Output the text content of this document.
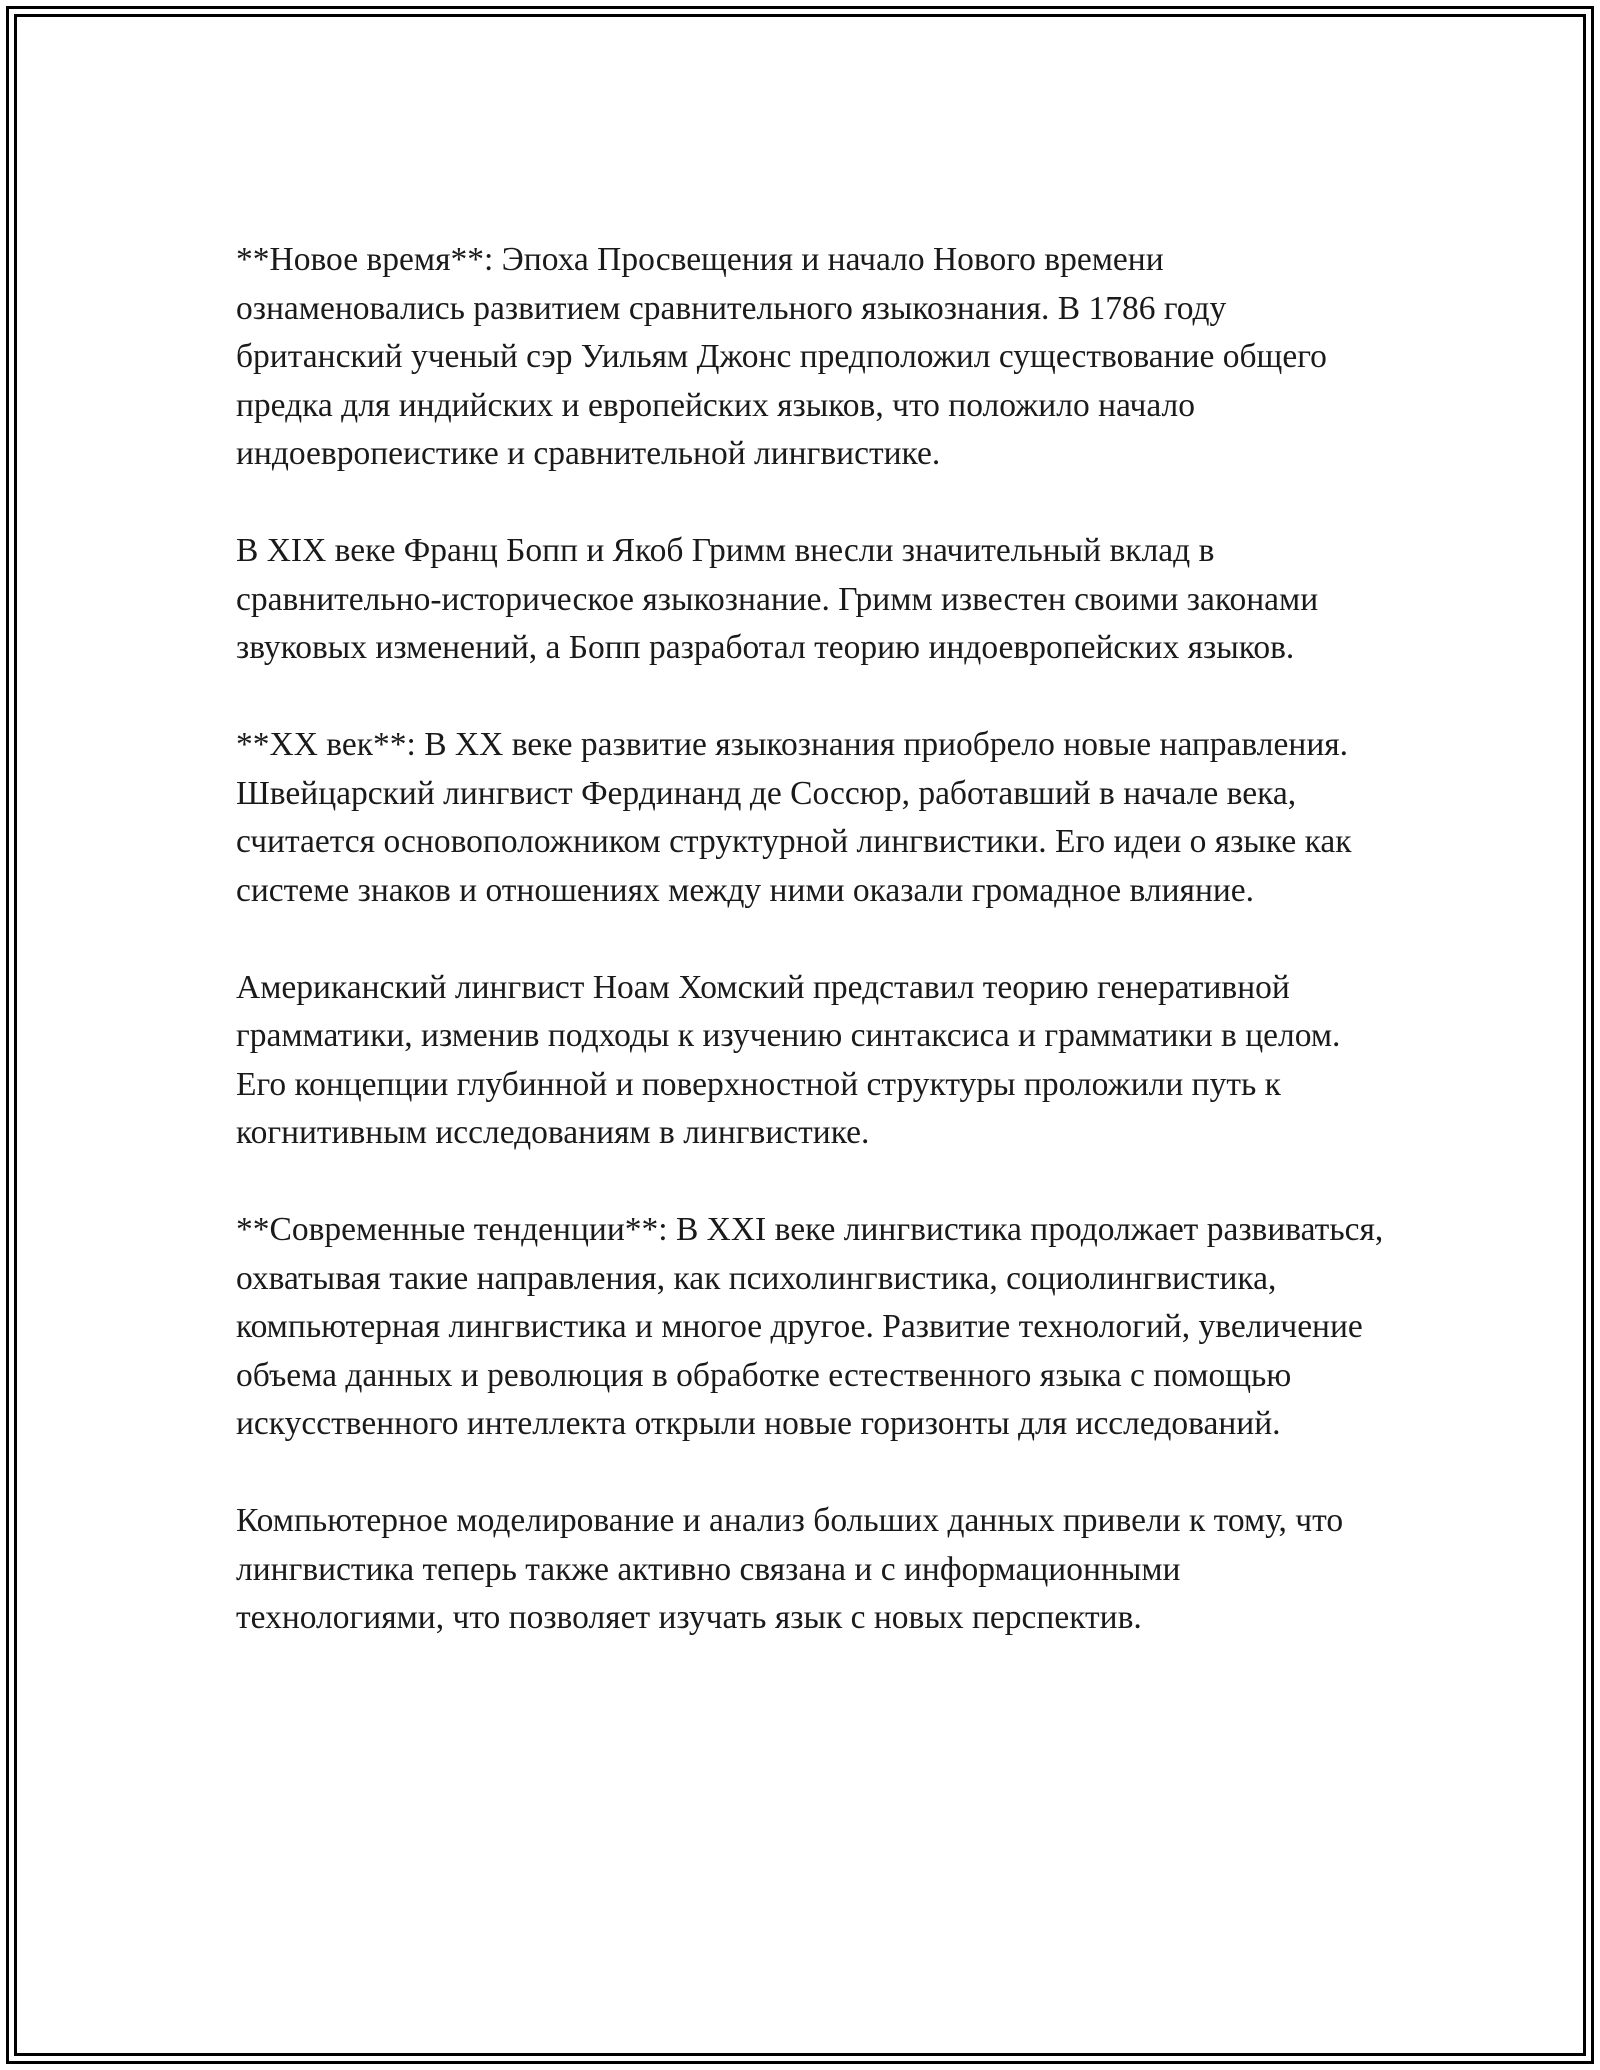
**Новое время**: Эпоха Просвещения и начало Нового времени ознаменовались развитием сравнительного языкознания. В 1786 году британский ученый сэр Уильям Джонс предположил существование общего предка для индийских и европейских языков, что положило начало индоевропеистике и сравнительной лингвистике.

В XIX веке Франц Бопп и Якоб Гримм внесли значительный вклад в сравнительно-историческое языкознание. Гримм известен своими законами звуковых изменений, а Бопп разработал теорию индоевропейских языков.

**XX век**: В XX веке развитие языкознания приобрело новые направления. Швейцарский лингвист Фердинанд де Соссюр, работавший в начале века, считается основоположником структурной лингвистики. Его идеи о языке как системе знаков и отношениях между ними оказали громадное влияние.

Американский лингвист Ноам Хомский представил теорию генеративной грамматики, изменив подходы к изучению синтаксиса и грамматики в целом. Его концепции глубинной и поверхностной структуры проложили путь к когнитивным исследованиям в лингвистике.

**Современные тенденции**: В XXI веке лингвистика продолжает развиваться, охватывая такие направления, как психолингвистика, социолингвистика, компьютерная лингвистика и многое другое. Развитие технологий, увеличение объема данных и революция в обработке естественного языка с помощью искусственного интеллекта открыли новые горизонты для исследований.

Компьютерное моделирование и анализ больших данных привели к тому, что лингвистика теперь также активно связана и с информационными технологиями, что позволяет изучать язык с новых перспектив.
